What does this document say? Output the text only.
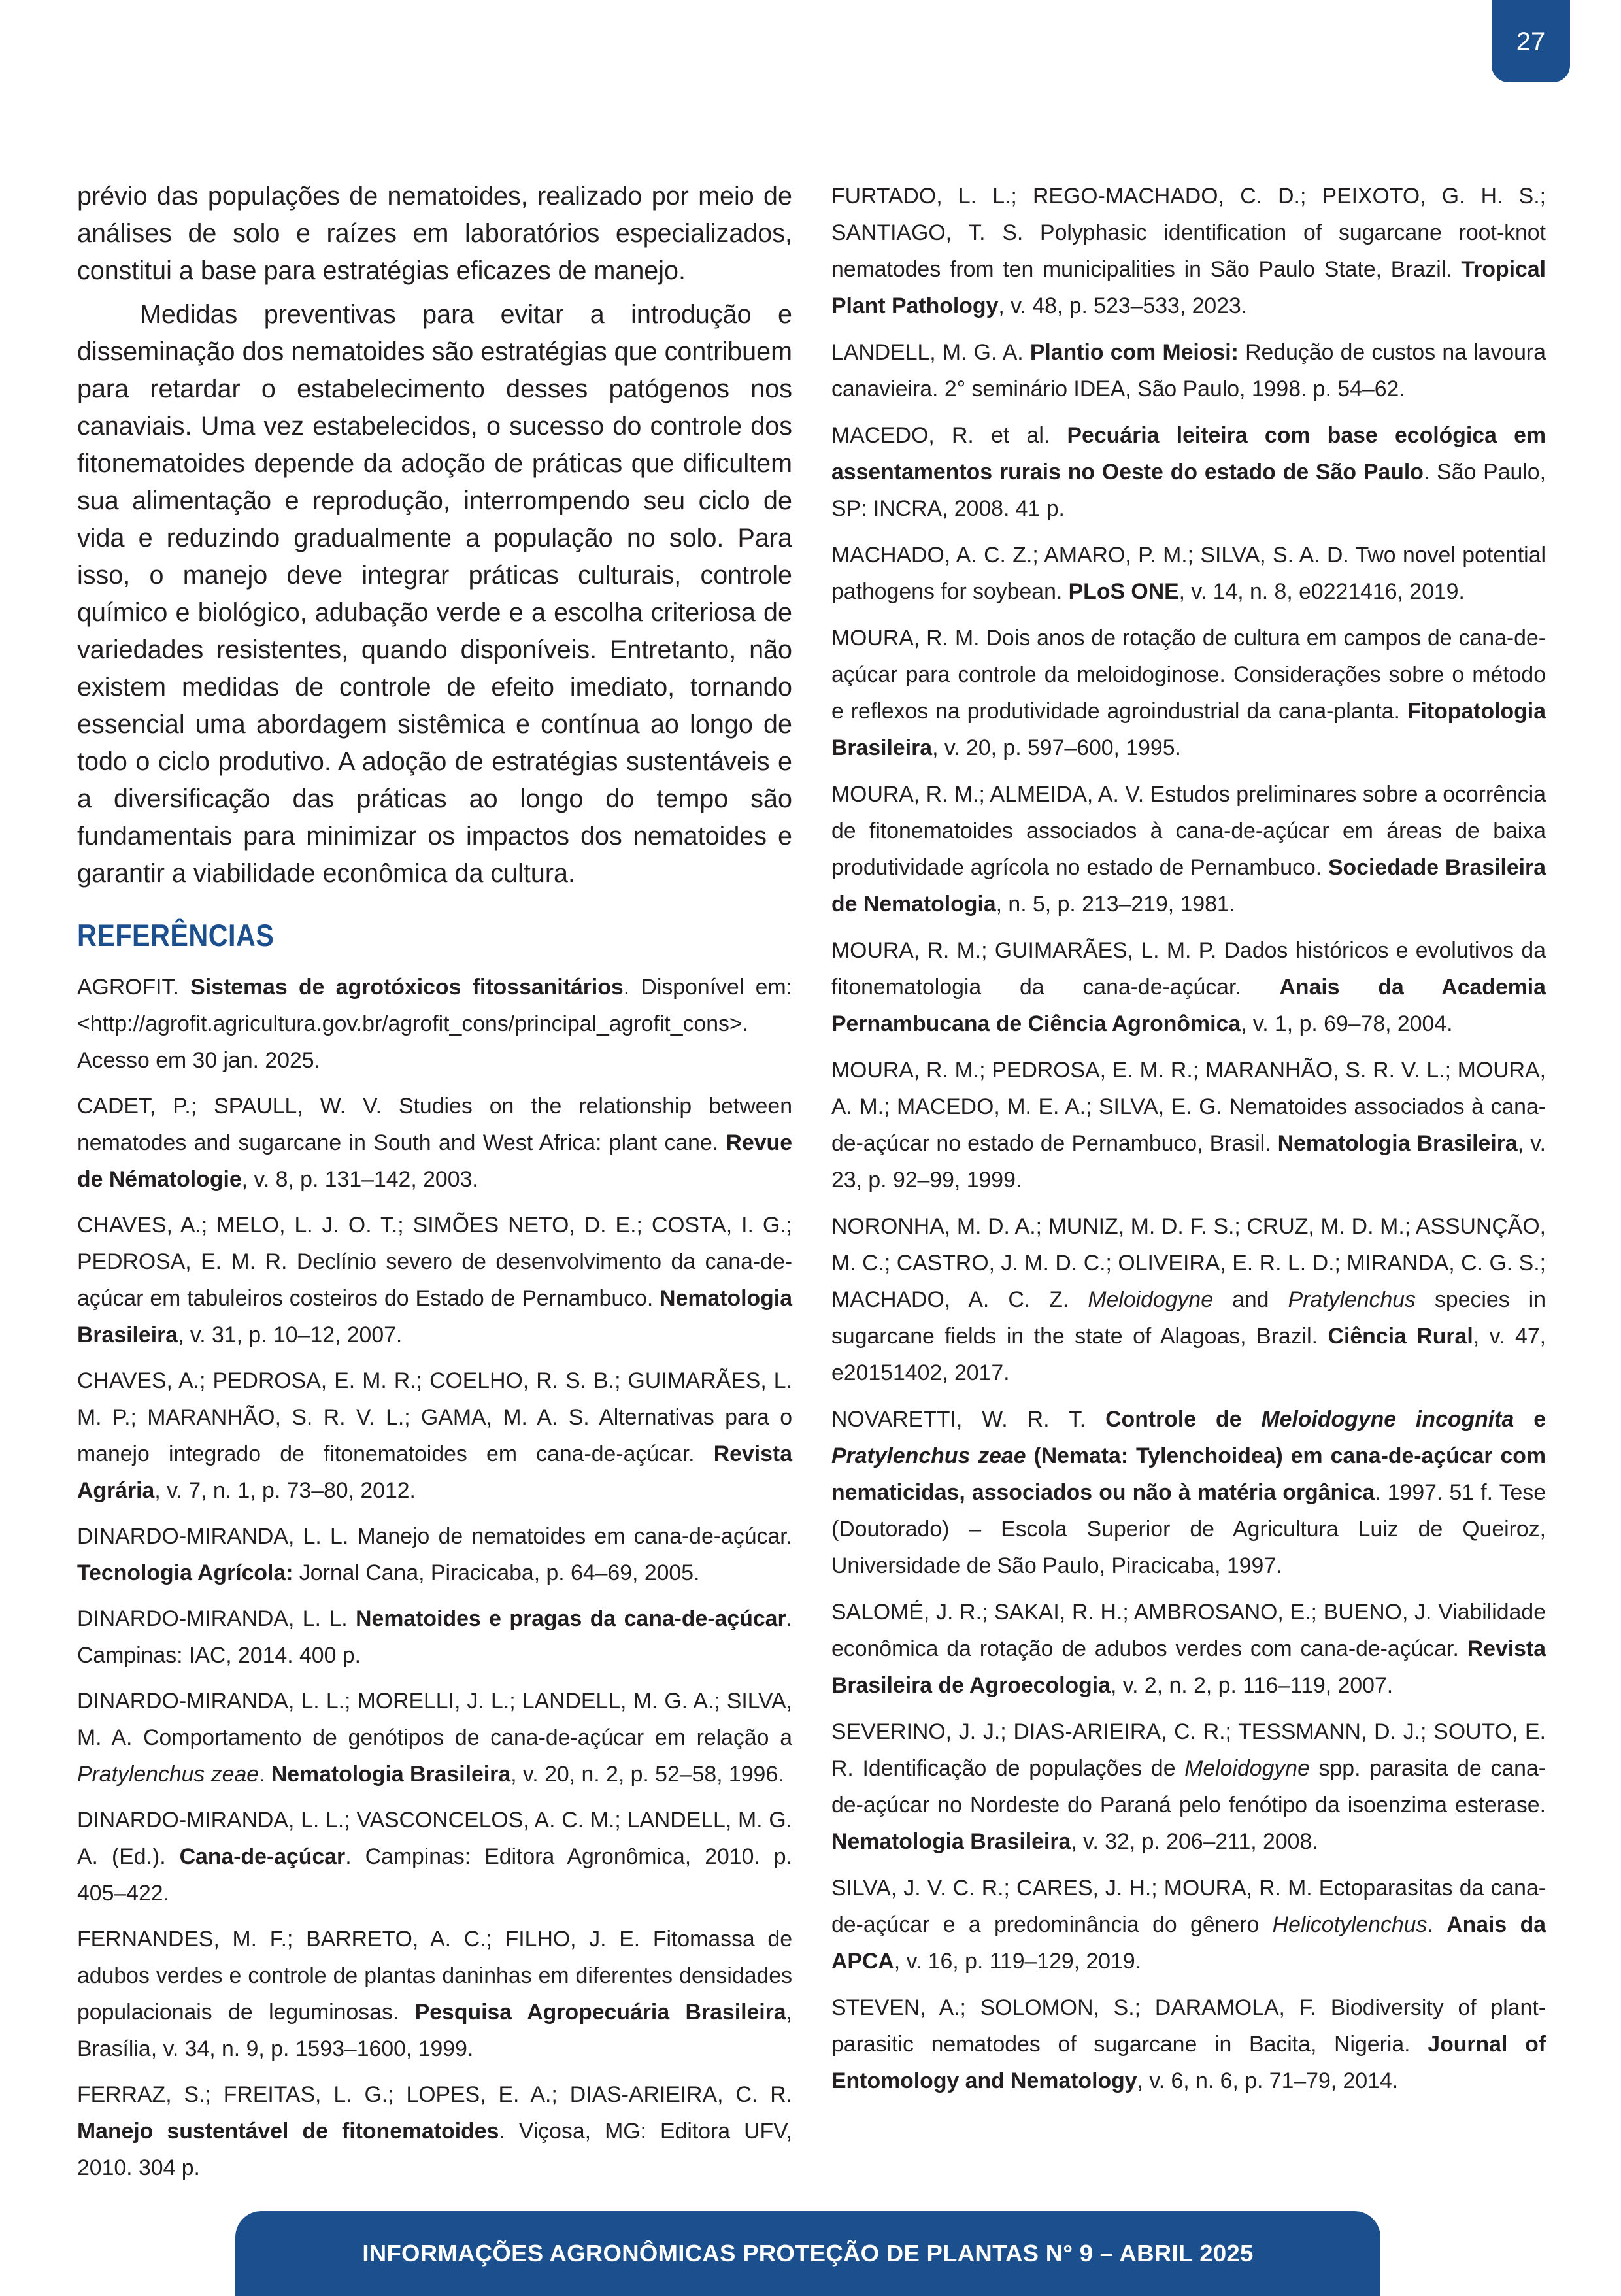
27

prévio das populações de nematoides, realizado por meio de análises de solo e raízes em laboratórios especializados, constitui a base para estratégias eficazes de manejo.

Medidas preventivas para evitar a introdução e disseminação dos nematoides são estratégias que contribuem para retardar o estabelecimento desses patógenos nos canaviais. Uma vez estabelecidos, o sucesso do controle dos fitonematoides depende da adoção de práticas que dificultem sua alimentação e reprodução, interrompendo seu ciclo de vida e reduzindo gradualmente a população no solo. Para isso, o manejo deve integrar práticas culturais, controle químico e biológico, adubação verde e a escolha criteriosa de variedades resistentes, quando disponíveis. Entretanto, não existem medidas de controle de efeito imediato, tornando essencial uma abordagem sistêmica e contínua ao longo de todo o ciclo produtivo. A adoção de estratégias sustentáveis e a diversificação das práticas ao longo do tempo são fundamentais para minimizar os impactos dos nematoides e garantir a viabilidade econômica da cultura.

REFERÊNCIAS

AGROFIT. Sistemas de agrotóxicos fitossanitários. Disponível em: <http://agrofit.agricultura.gov.br/agrofit_cons/principal_agrofit_cons>. Acesso em 30 jan. 2025.

CADET, P.; SPAULL, W. V. Studies on the relationship between nematodes and sugarcane in South and West Africa: plant cane. Revue de Nématologie, v. 8, p. 131–142, 2003.

CHAVES, A.; MELO, L. J. O. T.; SIMÕES NETO, D. E.; COSTA, I. G.; PEDROSA, E. M. R. Declínio severo de desenvolvimento da cana-de-açúcar em tabuleiros costeiros do Estado de Pernambuco. Nematologia Brasileira, v. 31, p. 10–12, 2007.

CHAVES, A.; PEDROSA, E. M. R.; COELHO, R. S. B.; GUIMARÃES, L. M. P.; MARANHÃO, S. R. V. L.; GAMA, M. A. S. Alternativas para o manejo integrado de fitonematoides em cana-de-açúcar. Revista Agrária, v. 7, n. 1, p. 73–80, 2012.

DINARDO-MIRANDA, L. L. Manejo de nematoides em cana-de-açúcar. Tecnologia Agrícola: Jornal Cana, Piracicaba, p. 64–69, 2005.

DINARDO-MIRANDA, L. L. Nematoides e pragas da cana-de-açúcar. Campinas: IAC, 2014. 400 p.

DINARDO-MIRANDA, L. L.; MORELLI, J. L.; LANDELL, M. G. A.; SILVA, M. A. Comportamento de genótipos de cana-de-açúcar em relação a Pratylenchus zeae. Nematologia Brasileira, v. 20, n. 2, p. 52–58, 1996.

DINARDO-MIRANDA, L. L.; VASCONCELOS, A. C. M.; LANDELL, M. G. A. (Ed.). Cana-de-açúcar. Campinas: Editora Agronômica, 2010. p. 405–422.

FERNANDES, M. F.; BARRETO, A. C.; FILHO, J. E. Fitomassa de adubos verdes e controle de plantas daninhas em diferentes densidades populacionais de leguminosas. Pesquisa Agropecuária Brasileira, Brasília, v. 34, n. 9, p. 1593–1600, 1999.

FERRAZ, S.; FREITAS, L. G.; LOPES, E. A.; DIAS-ARIEIRA, C. R. Manejo sustentável de fitonematoides. Viçosa, MG: Editora UFV, 2010. 304 p.

FURTADO, L. L.; REGO-MACHADO, C. D.; PEIXOTO, G. H. S.; SANTIAGO, T. S. Polyphasic identification of sugarcane root-knot nematodes from ten municipalities in São Paulo State, Brazil. Tropical Plant Pathology, v. 48, p. 523–533, 2023.

LANDELL, M. G. A. Plantio com Meiosi: Redução de custos na lavoura canavieira. 2° seminário IDEA, São Paulo, 1998. p. 54–62.

MACEDO, R. et al. Pecuária leiteira com base ecológica em assentamentos rurais no Oeste do estado de São Paulo. São Paulo, SP: INCRA, 2008. 41 p.

MACHADO, A. C. Z.; AMARO, P. M.; SILVA, S. A. D. Two novel potential pathogens for soybean. PLoS ONE, v. 14, n. 8, e0221416, 2019.

MOURA, R. M. Dois anos de rotação de cultura em campos de cana-de-açúcar para controle da meloidoginose. Considerações sobre o método e reflexos na produtividade agroindustrial da cana-planta. Fitopatologia Brasileira, v. 20, p. 597–600, 1995.

MOURA, R. M.; ALMEIDA, A. V. Estudos preliminares sobre a ocorrência de fitonematoides associados à cana-de-açúcar em áreas de baixa produtividade agrícola no estado de Pernambuco. Sociedade Brasileira de Nematologia, n. 5, p. 213–219, 1981.

MOURA, R. M.; GUIMARÃES, L. M. P. Dados históricos e evolutivos da fitonematologia da cana-de-açúcar. Anais da Academia Pernambucana de Ciência Agronômica, v. 1, p. 69–78, 2004.

MOURA, R. M.; PEDROSA, E. M. R.; MARANHÃO, S. R. V. L.; MOURA, A. M.; MACEDO, M. E. A.; SILVA, E. G. Nematoides associados à cana-de-açúcar no estado de Pernambuco, Brasil. Nematologia Brasileira, v. 23, p. 92–99, 1999.

NORONHA, M. D. A.; MUNIZ, M. D. F. S.; CRUZ, M. D. M.; ASSUNÇÃO, M. C.; CASTRO, J. M. D. C.; OLIVEIRA, E. R. L. D.; MIRANDA, C. G. S.; MACHADO, A. C. Z. Meloidogyne and Pratylenchus species in sugarcane fields in the state of Alagoas, Brazil. Ciência Rural, v. 47, e20151402, 2017.

NOVARETTI, W. R. T. Controle de Meloidogyne incognita e Pratylenchus zeae (Nemata: Tylenchoidea) em cana-de-açúcar com nematicidas, associados ou não à matéria orgânica. 1997. 51 f. Tese (Doutorado) – Escola Superior de Agricultura Luiz de Queiroz, Universidade de São Paulo, Piracicaba, 1997.

SALOMÉ, J. R.; SAKAI, R. H.; AMBROSANO, E.; BUENO, J. Viabilidade econômica da rotação de adubos verdes com cana-de-açúcar. Revista Brasileira de Agroecologia, v. 2, n. 2, p. 116–119, 2007.

SEVERINO, J. J.; DIAS-ARIEIRA, C. R.; TESSMANN, D. J.; SOUTO, E. R. Identificação de populações de Meloidogyne spp. parasita de cana-de-açúcar no Nordeste do Paraná pelo fenótipo da isoenzima esterase. Nematologia Brasileira, v. 32, p. 206–211, 2008.

SILVA, J. V. C. R.; CARES, J. H.; MOURA, R. M. Ectoparasitas da cana-de-açúcar e a predominância do gênero Helicotylenchus. Anais da APCA, v. 16, p. 119–129, 2019.

STEVEN, A.; SOLOMON, S.; DARAMOLA, F. Biodiversity of plant-parasitic nematodes of sugarcane in Bacita, Nigeria. Journal of Entomology and Nematology, v. 6, n. 6, p. 71–79, 2014.

INFORMAÇÕES AGRONÔMICAS PROTEÇÃO DE PLANTAS N° 9 – ABRIL 2025
